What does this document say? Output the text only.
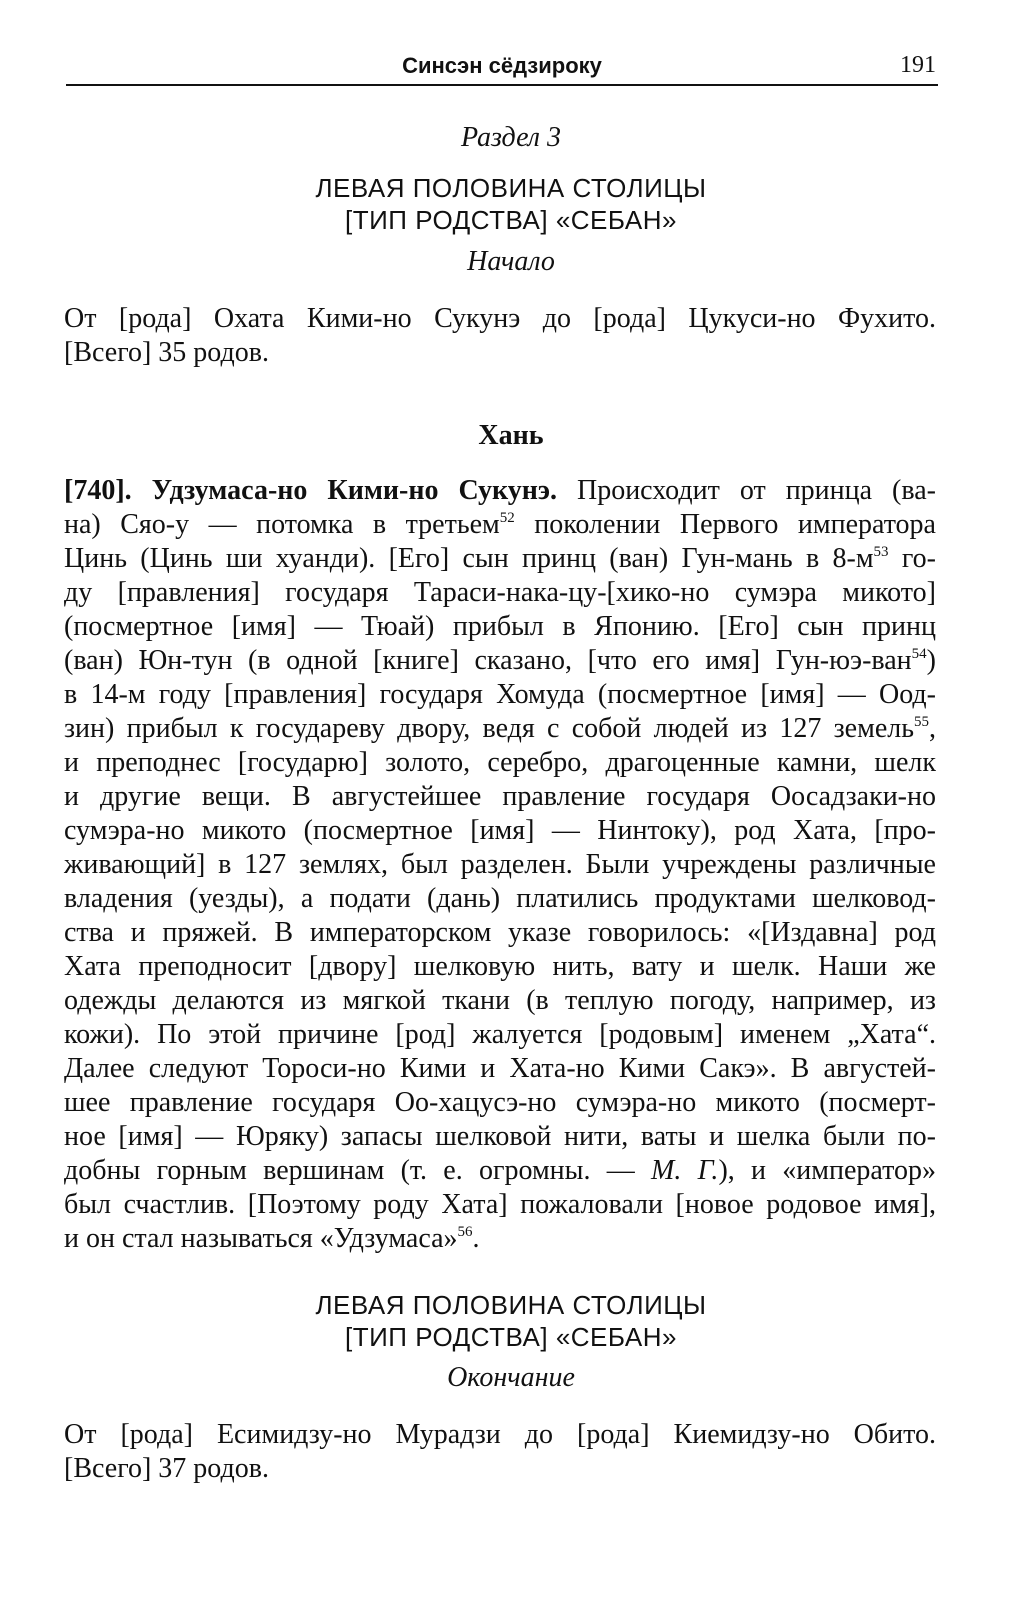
Синсэн сёдзироку	191
Раздел 3
ЛЕВАЯ ПОЛОВИНА СТОЛИЦЫ
[ТИП РОДСТВА] «СЕБАН»
Начало
От [рода] Охата Кими-но Сукунэ до [рода] Цукуси-но Фухито.
[Всего] 35 родов.
Хань
[740]. Удзумаса-но Кими-но Сукунэ. Происходит от принца (ва-
на) Сяо-у — потомка в третьем$^{52}$ поколении Первого императора
Цинь (Цинь ши хуанди). [Его] сын принц (ван) Гун-мань в $8-м^{53}$ го-
ду [правления] государя Тараси-нака-цу-[хико-но сумэра микото]
(посмертное [имя] — Тюай) прибыл в Японию. [Его] сын принц
(ван) Юн-тун (в одной [книге] сказано, [что его имя] Гун-юэ-ван$^{54}$)
в 14-м году [правления] государя Хомуда (посмертное [имя] — Оод-
зин) прибыл к государеву двору, ведя с собой людей из 127 земель$^{55}$,
и преподнес [государю] золото, серебро, драгоценные камни, шелк
и другие вещи. В августейшее правление государя Оосадзаки-но
сумэра-но микото (посмертное [имя] — Нинтоку), род Хата, [про-
живающий] в 127 землях, был разделен. Были учреждены различные
владения (уезды), а подати (дань) платились продуктами шелковод-
ства и пряжей. В императорском указе говорилось: «[Издавна] род
Хата преподносит [двору] шелковую нить, вату и шелк. Наши же
одежды делаются из мягкой ткани (в теплую погоду, например, из
кожи). По этой причине [род] жалуется [родовым] именем „Хата“.
Далее следуют Тороси-но Кими и Хата-но Кими Сакэ». В августей-
шее правление государя Оо-хацусэ-но сумэра-но микото (посмерт-
ное [имя] — Юряку) запасы шелковой нити, ваты и шелка были по-
добны горным вершинам (т. е. огромны. — М. Г.), и «император»
был счастлив. [Поэтому роду Хата] пожаловали [новое родовое имя],
и он стал называться «Удзумаса»$^{56}$.
ЛЕВАЯ ПОЛОВИНА СТОЛИЦЫ
[ТИП РОДСТВА] «СЕБАН»
Окончание
От [рода] Есимидзу-но Мурадзи до [рода] Киемидзу-но Обито.
[Всего] 37 родов.
